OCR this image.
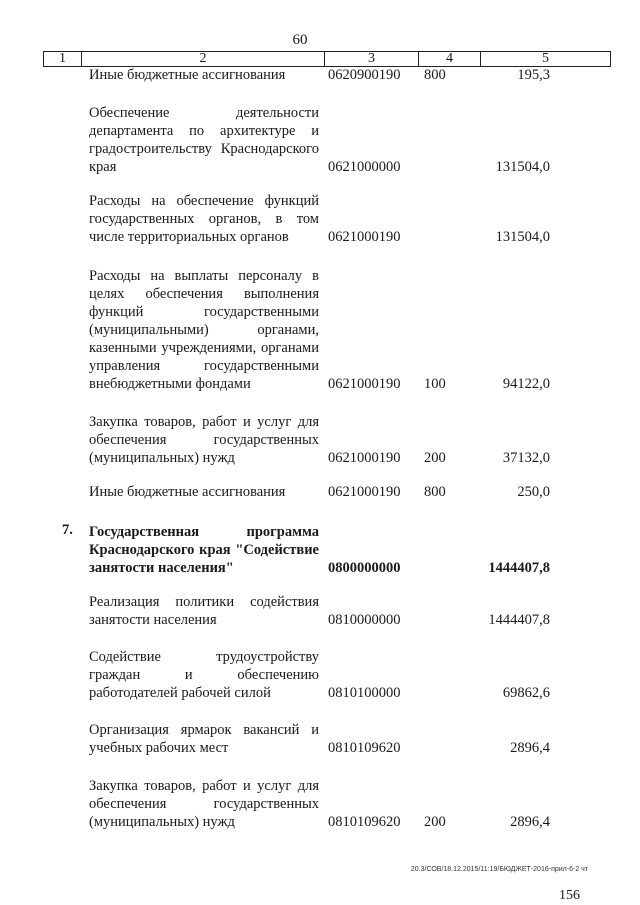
60
1	2	3	4	5
Иные бюджетные ассигнования	0620900190 800	195,3
Обеспечение деятельности департамента по архитектуре и градостроительству Краснодарского края	0621000000	131504,0
Расходы на обеспечение функций государственных органов, в том числе территориальных органов	0621000190	131504,0
Расходы на выплаты персоналу в целях обеспечения выполнения функций государственными (муниципальными) органами, казенными учреждениями, органами управления государственными внебюджетными фондами	0621000190 100	94122,0
Закупка товаров, работ и услуг для обеспечения государственных (муниципальных) нужд	0621000190 200	37132,0
Иные бюджетные ассигнования	0621000190 800	250,0
7. Государственная программа Краснодарского края "Содействие занятости населения"	0800000000	1444407,8
Реализация политики содействия занятости населения	0810000000	1444407,8
Содействие трудоустройству граждан и обеспечению работодателей рабочей силой	0810100000	69862,6
Организация ярмарок вакансий и учебных рабочих мест	0810109620	2896,4
Закупка товаров, работ и услуг для обеспечения государственных (муниципальных) нужд	0810109620 200	2896,4
20.3/СОВ/18.12.2015/11:19/БЮДЖЕТ-2016-прил-6-2 чт
156
